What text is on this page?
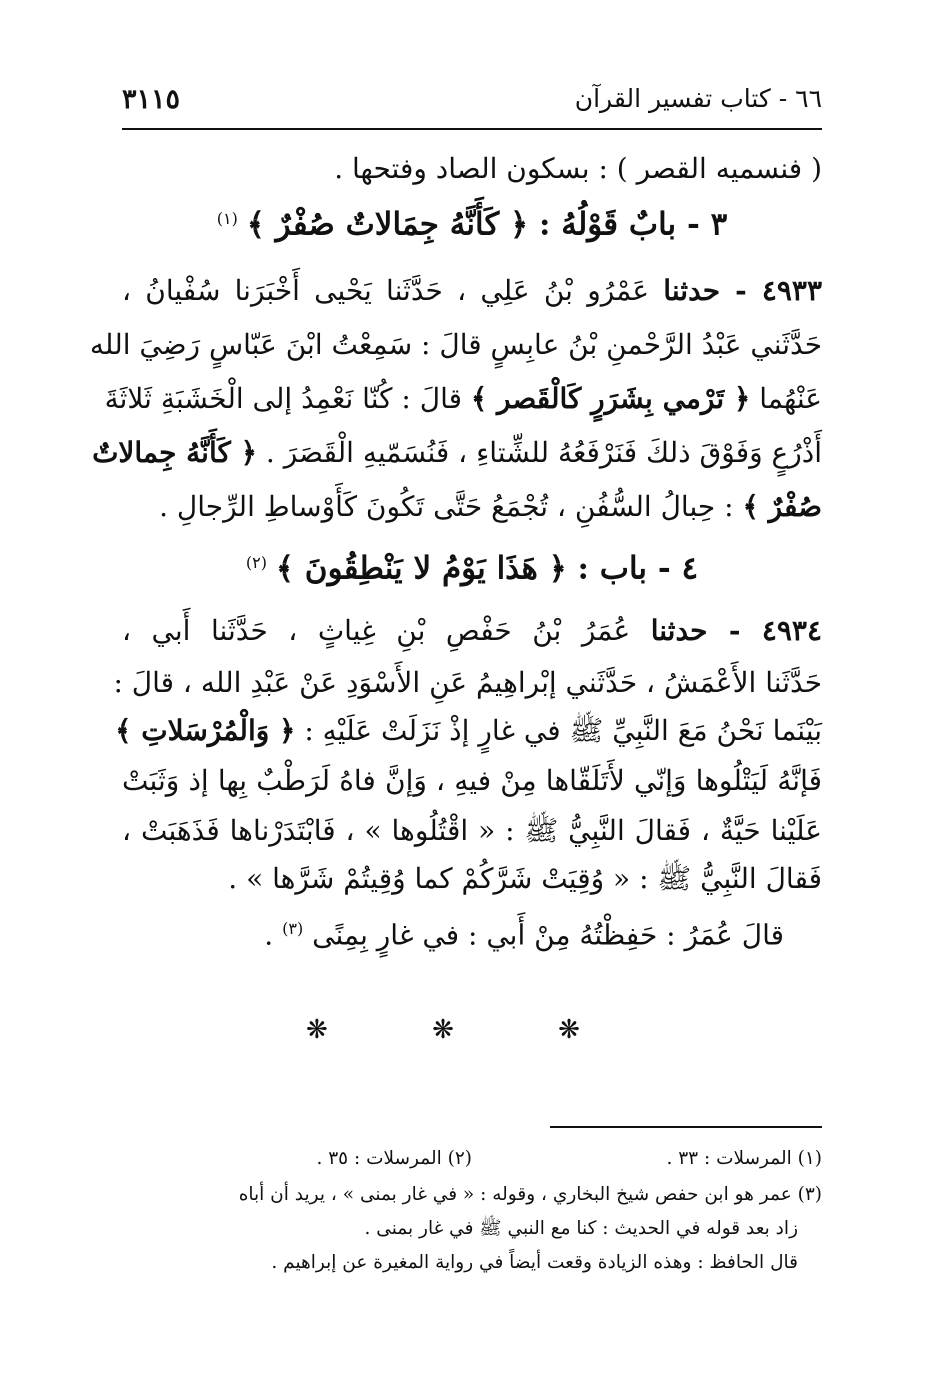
٦٦ - كتاب تفسير القرآن
٣١١٥
( فنسميه القصر ) : بسكون الصاد وفتحها .
٣ - بابٌ قَوْلُهُ : ﴿ كَأَنَّهُ جِمَالاتٌ صُفْرٌ ﴾ $^{(١)}$
٤٩٣٣ - حدثنا عَمْرُو بْنُ عَلِي ، حَدَّثَنا يَحْيى أَخْبَرَنا سُفْيانُ ،
حَدَّثَني عَبْدُ الرَّحْمنِ بْنُ عابِسٍ قالَ : سَمِعْتُ ابْنَ عَبّاسٍ رَضِيَ الله
عَنْهُما ﴿ تَرْمي بِشَرَرٍ كَالْقَصر ﴾ قالَ : كُنّا نَعْمِدُ إلى الْخَشَبَةِ ثَلاثَةَ
أَذْرُعٍ وَفَوْقَ ذلكَ فَنَرْفَعُهُ للشِّتاءِ ، فَنُسَمّيهِ الْقَصَرَ . ﴿ كَأَنَّهُ جِمالاتٌ
صُفْرٌ ﴾ : حِبالُ السُّفُنِ ، تُجْمَعُ حَتَّى تَكُونَ كَأَوْساطِ الرِّجالِ .
٤ - باب : ﴿ هَذَا يَوْمُ لا يَنْطِقُونَ ﴾ $^{(٢)}$
٤٩٣٤ - حدثنا عُمَرُ بْنُ حَفْصِ بْنِ غِياثٍ ، حَدَّثَنا أَبي ،
حَدَّثَنا الأَعْمَشُ ، حَدَّثَني إبْراهِيمُ عَنِ الأَسْوَدِ عَنْ عَبْدِ الله ، قالَ :
بَيْنَما نَحْنُ مَعَ النَّبِيِّ ﷺ في غارٍ إذْ نَزَلَتْ عَلَيْهِ : ﴿ وَالْمُرْسَلاتِ ﴾
فَإنَّهُ لَيَتْلُوها وَإنّي لأَتَلَقّاها مِنْ فيهِ ، وَإنَّ فاهُ لَرَطْبٌ بِها إذ وَثَبَتْ
عَلَيْنا حَيَّةٌ ، فَقالَ النَّبِيُّ ﷺ : « اقْتُلُوها » ، فَابْتَدَرْناها فَذَهَبَتْ ،
فَقالَ النَّبِيُّ ﷺ : « وُقِيَتْ شَرَّكُمْ كما وُقِيتُمْ شَرَّها » .
قالَ عُمَرُ : حَفِظْتُهُ مِنْ أَبي : في غارٍ بِمِنًى $^{(٣)}$ .
❋ ❋ ❋
(١) المرسلات : ٣٣ .
(٢) المرسلات : ٣٥ .
(٣) عمر هو ابن حفص شيخ البخاري ، وقوله : « في غار بمنى » ، يريد أن أباه
زاد بعد قوله في الحديث : كنا مع النبي ﷺ في غار بمنى .
قال الحافظ : وهذه الزيادة وقعت أيضاً في رواية المغيرة عن إبراهيم .
